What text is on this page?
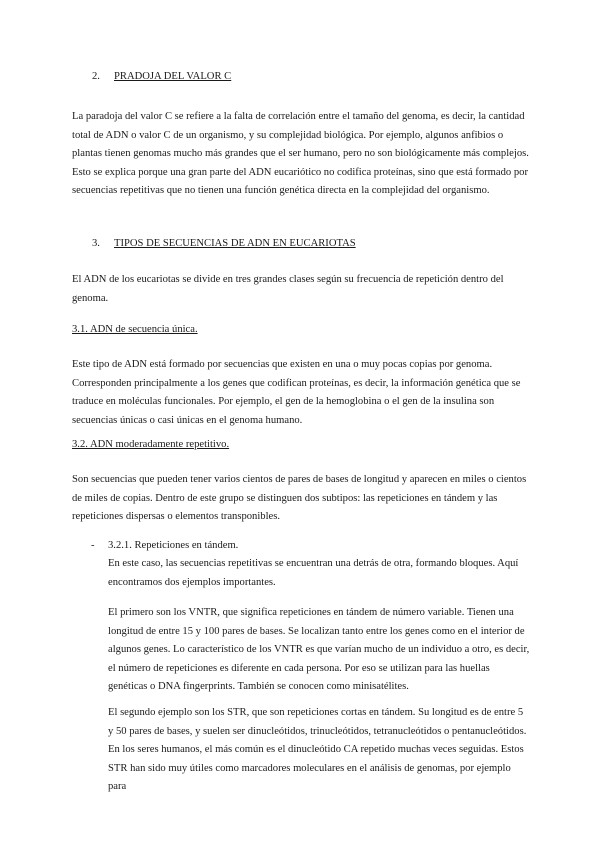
2. PRADOJA DEL VALOR C

La paradoja del valor C se refiere a la falta de correlación entre el tamaño del genoma, es decir, la cantidad total de ADN o valor C de un organismo, y su complejidad biológica. Por ejemplo, algunos anfibios o plantas tienen genomas mucho más grandes que el ser humano, pero no son biológicamente más complejos. Esto se explica porque una gran parte del ADN eucariótico no codifica proteínas, sino que está formado por secuencias repetitivas que no tienen una función genética directa en la complejidad del organismo.

3. TIPOS DE SECUENCIAS DE ADN EN EUCARIOTAS

El ADN de los eucariotas se divide en tres grandes clases según su frecuencia de repetición dentro del genoma.

3.1. ADN de secuencia única.

Este tipo de ADN está formado por secuencias que existen en una o muy pocas copias por genoma. Corresponden principalmente a los genes que codifican proteínas, es decir, la información genética que se traduce en moléculas funcionales. Por ejemplo, el gen de la hemoglobina o el gen de la insulina son secuencias únicas o casi únicas en el genoma humano.

3.2. ADN moderadamente repetitivo.

Son secuencias que pueden tener varios cientos de pares de bases de longitud y aparecen en miles o cientos de miles de copias. Dentro de este grupo se distinguen dos subtipos: las repeticiones en tándem y las repeticiones dispersas o elementos transponibles.

- 3.2.1. Repeticiones en tándem.

En este caso, las secuencias repetitivas se encuentran una detrás de otra, formando bloques. Aquí encontramos dos ejemplos importantes.

El primero son los VNTR, que significa repeticiones en tándem de número variable. Tienen una longitud de entre 15 y 100 pares de bases. Se localizan tanto entre los genes como en el interior de algunos genes. Lo característico de los VNTR es que varían mucho de un individuo a otro, es decir, el número de repeticiones es diferente en cada persona. Por eso se utilizan para las huellas genéticas o DNA fingerprints. También se conocen como minisatélites.

El segundo ejemplo son los STR, que son repeticiones cortas en tándem. Su longitud es de entre 5 y 50 pares de bases, y suelen ser dinucleótidos, trinucleótidos, tetranucleótidos o pentanucleótidos. En los seres humanos, el más común es el dinucleótido CA repetido muchas veces seguidas. Estos STR han sido muy útiles como marcadores moleculares en el análisis de genomas, por ejemplo para
